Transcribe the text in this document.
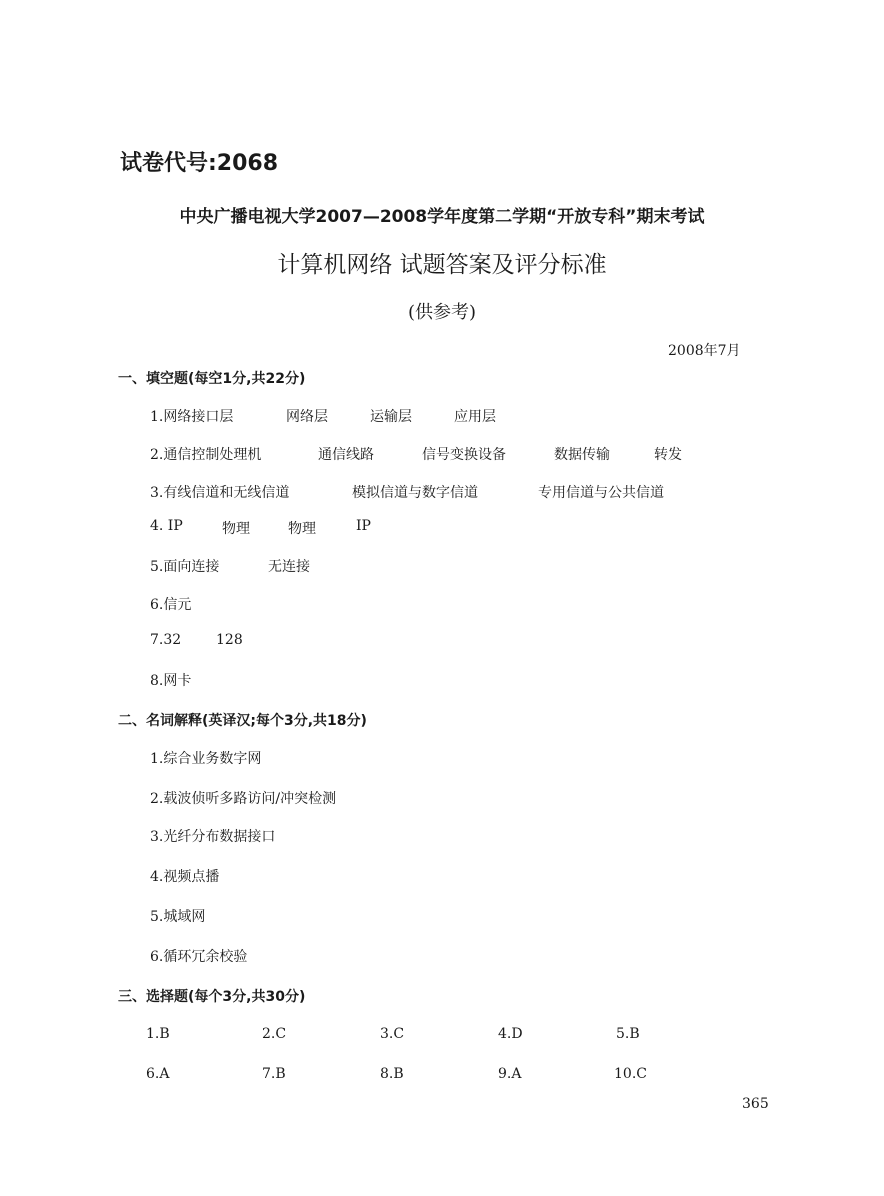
试卷代号:2068
中央广播电视大学2007—2008学年度第二学期“开放专科”期末考试
计算机网络 试题答案及评分标准
(供参考)
2008年7月
一、填空题(每空1分,共22分)
1.网络接口层	网络层	运输层	应用层
2.通信控制处理机	通信线路	信号变换设备	数据传输	转发
3.有线信道和无线信道	模拟信道与数字信道	专用信道与公共信道
4. IP	物理	物理	IP
5.面向连接	无连接
6.信元
7.32 128
8.网卡
二、名词解释(英译汉;每个3分,共18分)
1.综合业务数字网
2.载波侦听多路访问/冲突检测
3.光纤分布数据接口
4.视频点播
5.城域网
6.循环冗余校验
三、选择题(每个3分,共30分)
1.B	2.C	3.C	4.D	5.B
6.A	7.B	8.B	9.A	10.C
365
